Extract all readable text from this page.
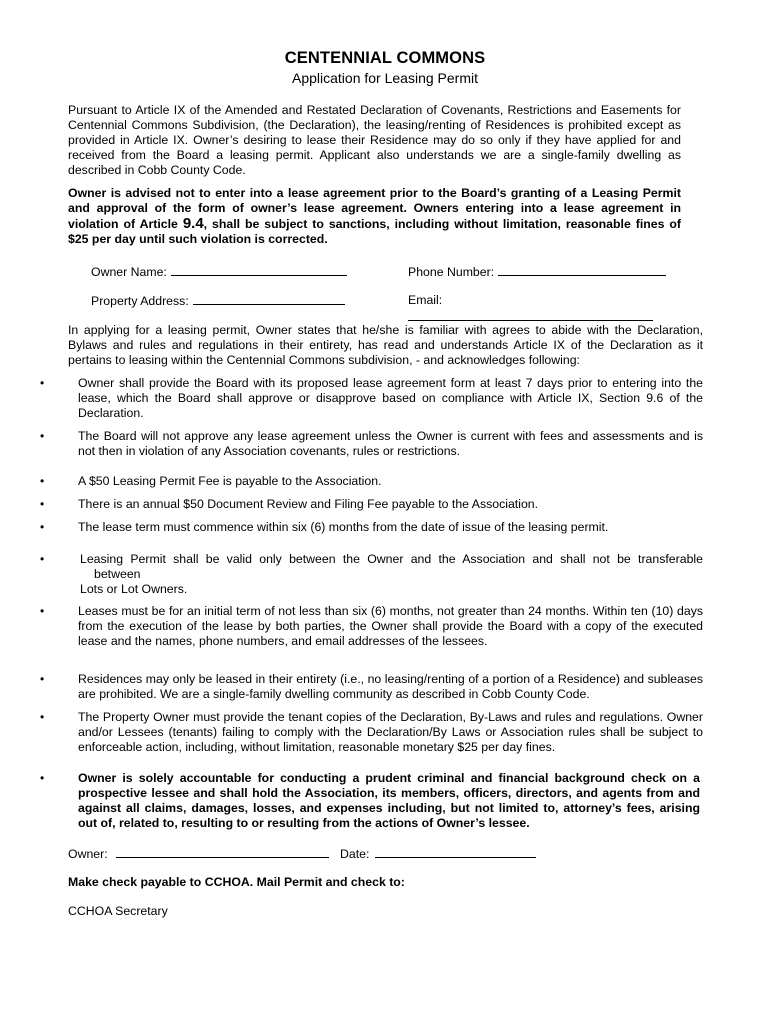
CENTENNIAL COMMONS
Application for Leasing Permit
Pursuant to Article IX of the Amended and Restated Declaration of Covenants, Restrictions and Easements for Centennial Commons Subdivision, (the Declaration), the leasing/renting of Residences is prohibited except as provided in Article IX. Owner’s desiring to lease their Residence may do so only if they have applied for and received from the Board a leasing permit. Applicant also understands we are a single-family dwelling as described in Cobb County Code.
Owner is advised not to enter into a lease agreement prior to the Board’s granting of a Leasing Permit and approval of the form of owner’s lease agreement. Owners entering into a lease agreement in violation of Article 9.4, shall be subject to sanctions, including without limitation, reasonable fines of $25 per day until such violation is corrected.
Owner Name:	Phone Number:
Property Address:	Email:
In applying for a leasing permit, Owner states that he/she is familiar with agrees to abide with the Declaration, Bylaws and rules and regulations in their entirety, has read and understands Article IX of the Declaration as it pertains to leasing within the Centennial Commons subdivision, - and acknowledges following:
•	Owner shall provide the Board with its proposed lease agreement form at least 7 days prior to entering into the lease, which the Board shall approve or disapprove based on compliance with Article IX, Section 9.6 of the Declaration.
•	The Board will not approve any lease agreement unless the Owner is current with fees and assessments and is not then in violation of any Association covenants, rules or restrictions.
•	A $50 Leasing Permit Fee is payable to the Association.
•	There is an annual $50 Document Review and Filing Fee payable to the Association.
•	The lease term must commence within six (6) months from the date of issue of the leasing permit.
•	Leasing Permit shall be valid only between the Owner and the Association and shall not be transferable
between
Lots or Lot Owners.
•	Leases must be for an initial term of not less than six (6) months, not greater than 24 months. Within ten (10) days from the execution of the lease by both parties, the Owner shall provide the Board with a copy of the executed lease and the names, phone numbers, and email addresses of the lessees.
•	Residences may only be leased in their entirety (i.e., no leasing/renting of a portion of a Residence) and subleases are prohibited. We are a single-family dwelling community as described in Cobb County Code.
•	The Property Owner must provide the tenant copies of the Declaration, By-Laws and rules and regulations. Owner and/or Lessees (tenants) failing to comply with the Declaration/By Laws or Association rules shall be subject to enforceable action, including, without limitation, reasonable monetary $25 per day fines.
•	Owner is solely accountable for conducting a prudent criminal and financial background check on a prospective lessee and shall hold the Association, its members, officers, directors, and agents from and against all claims, damages, losses, and expenses including, but not limited to, attorney’s fees, arising out of, related to, resulting to or resulting from the actions of Owner’s lessee.
Owner:	Date:
Make check payable to CCHOA. Mail Permit and check to:
CCHOA Secretary
